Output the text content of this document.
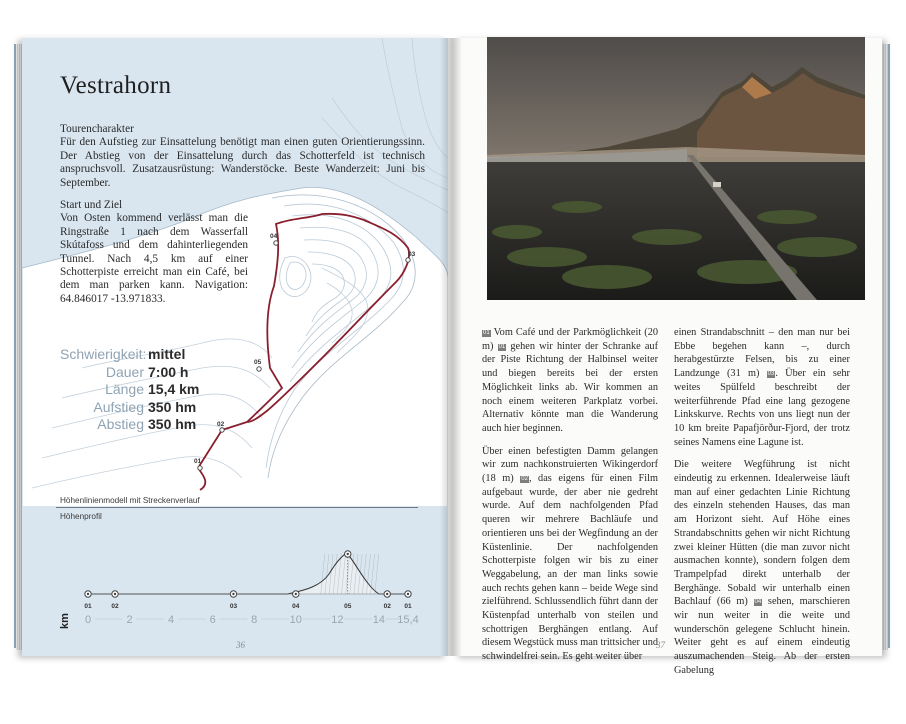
01
02
03
04
05
Vestrahorn
Tourencharakter
Für den Aufstieg zur Einsattelung benötigt man einen guten Orientierungssinn. Der Abstieg von der Einsattelung durch das Schotterfeld ist technisch anspruchsvoll. Zusatzausrüstung: Wanderstöcke. Beste Wanderzeit: Juni bis September.
Start und Ziel
Von Osten kommend verlässt man die Ringstraße 1 nach dem Wasserfall Skútafoss und dem dahinterliegenden Tunnel. Nach 4,5 km auf einer Schotterpiste erreicht man ein Café, bei dem man parken kann. Navigation: 64.846017 -13.971833.
Schwierigkeit: mittel
Dauer 7:00 h
Länge 15,4 km
Aufstieg 350 hm
Abstieg 350 hm
Höhenlinienmodell mit Streckenverlauf
Höhenprofil
01	02	03	04	05	02 01
0	2	4	6	8	10	12	14 15,4
km
36

01 Vom Café und der Parkmöglichkeit (20 m) 01 gehen wir hinter der Schranke auf der Piste Richtung der Halbinsel weiter und biegen bereits bei der ersten Möglichkeit links ab. Wir kommen an noch einem weiteren Parkplatz vorbei. Alternativ könnte man die Wanderung auch hier beginnen.

Über einen befestigten Damm gelangen wir zum nachkonstruierten Wikingerdorf (18 m) 02, das eigens für einen Film aufgebaut wurde, der aber nie gedreht wurde. Auf dem nachfolgenden Pfad queren wir mehrere Bachläufe und orientieren uns bei der Wegfindung an der Küstenlinie. Der nachfolgenden Schotterpiste folgen wir bis zu einer Weggabelung, an der man links sowie auch rechts gehen kann – beide Wege sind zielführend. Schlussendlich führt dann der Küstenpfad unterhalb von steilen und schottrigen Berghängen entlang. Auf diesem Wegstück muss man trittsicher und schwindelfrei sein. Es geht weiter über

einen Strandabschnitt – den man nur bei Ebbe begehen kann –, durch herabgestürzte Felsen, bis zu einer Landzunge (31 m) 03. Über ein sehr weites Spülfeld beschreibt der weiterführende Pfad eine lang gezogene Linkskurve. Rechts von uns liegt nun der 10 km breite Papafjörður-Fjord, der trotz seines Namens eine Lagune ist.

Die weitere Wegführung ist nicht eindeutig zu erkennen. Idealerweise läuft man auf einer gedachten Linie Richtung des einzeln stehenden Hauses, das man am Horizont sieht. Auf Höhe eines Strandabschnitts gehen wir nicht Richtung zwei kleiner Hütten (die man zuvor nicht ausmachen konnte), sondern folgen dem Trampelpfad direkt unterhalb der Berghänge. Sobald wir unterhalb einen Bachlauf (66 m) 04 sehen, marschieren wir nun weiter in die weite und wunderschön gelegene Schlucht hinein. Weiter geht es auf einem eindeutig auszumachenden Steig. Ab der ersten Gabelung

37
